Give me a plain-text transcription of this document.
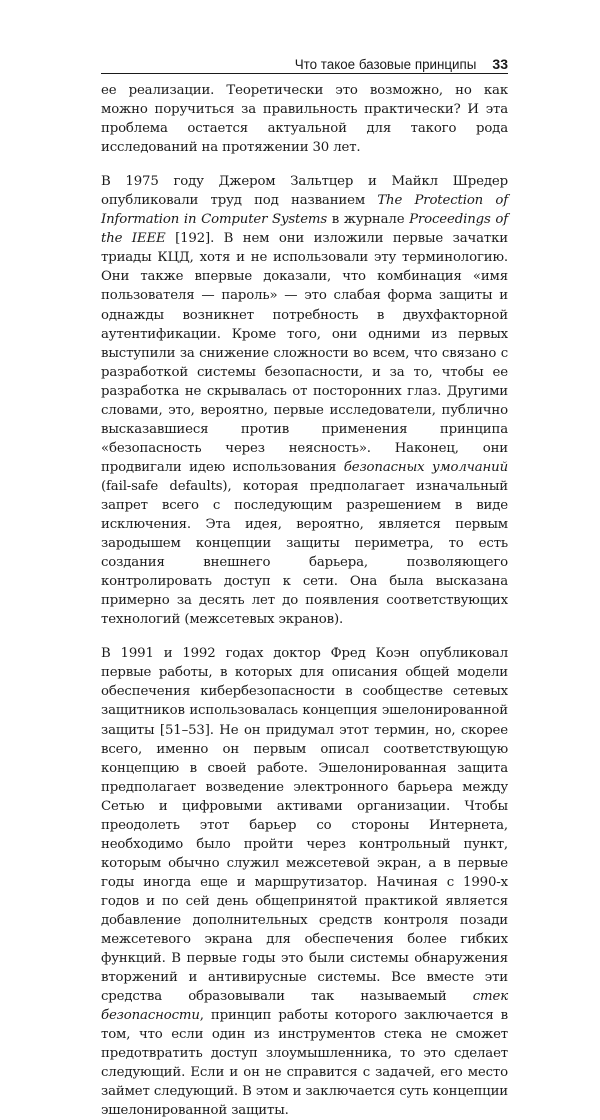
Что такое базовые принципы 33

ее реализации. Теоретически это возможно, но как можно поручиться за правильность практически? И эта проблема остается актуальной для такого рода исследований на протяжении 30 лет.

В 1975 году Джером Зальтцер и Майкл Шредер опубликовали труд под названием The Protection of Information in Computer Systems в журнале Proceedings of the IEEE [192]. В нем они изложили первые зачатки триады КЦД, хотя и не использовали эту терминологию. Они также впервые доказали, что комбинация «имя пользователя — пароль» — это слабая форма защиты и однажды возникнет потребность в двухфакторной аутентификации. Кроме того, они одними из первых выступили за снижение сложности во всем, что связано с разработкой системы безопасности, и за то, чтобы ее разработка не скрывалась от посторонних глаз. Другими словами, это, вероятно, первые исследователи, публично высказавшиеся против применения принципа «безопасность через неясность». Наконец, они продвигали идею использования безопасных умолчаний (fail-safe defaults), которая предполагает изначальный запрет всего с последующим разрешением в виде исключения. Эта идея, вероятно, является первым зародышем концепции защиты периметра, то есть создания внешнего барьера, позволяющего контролировать доступ к сети. Она была высказана примерно за десять лет до появления соответствующих технологий (межсетевых экранов).

В 1991 и 1992 годах доктор Фред Коэн опубликовал первые работы, в которых для описания общей модели обеспечения кибербезопасности в сообществе сетевых защитников использовалась концепция эшелонированной защиты [51–53]. Не он придумал этот термин, но, скорее всего, именно он первым описал соответствующую концепцию в своей работе. Эшелонированная защита предполагает возведение электронного барьера между Сетью и цифровыми активами организации. Чтобы преодолеть этот барьер со стороны Интернета, необходимо было пройти через контрольный пункт, которым обычно служил межсетевой экран, а в первые годы иногда еще и маршрутизатор. Начиная с 1990-х годов и по сей день общепринятой практикой является добавление дополнительных средств контроля позади межсетевого экрана для обеспечения более гибких функций. В первые годы это были системы обнаружения вторжений и антивирусные системы. Все вместе эти средства образовывали так называемый стек безопасности, принцип работы которого заключается в том, что если один из инструментов стека не сможет предотвратить доступ злоумышленника, то это сделает следующий. Если и он не справится с задачей, его место займет следующий. В этом и заключается суть концепции эшелонированной защиты.
